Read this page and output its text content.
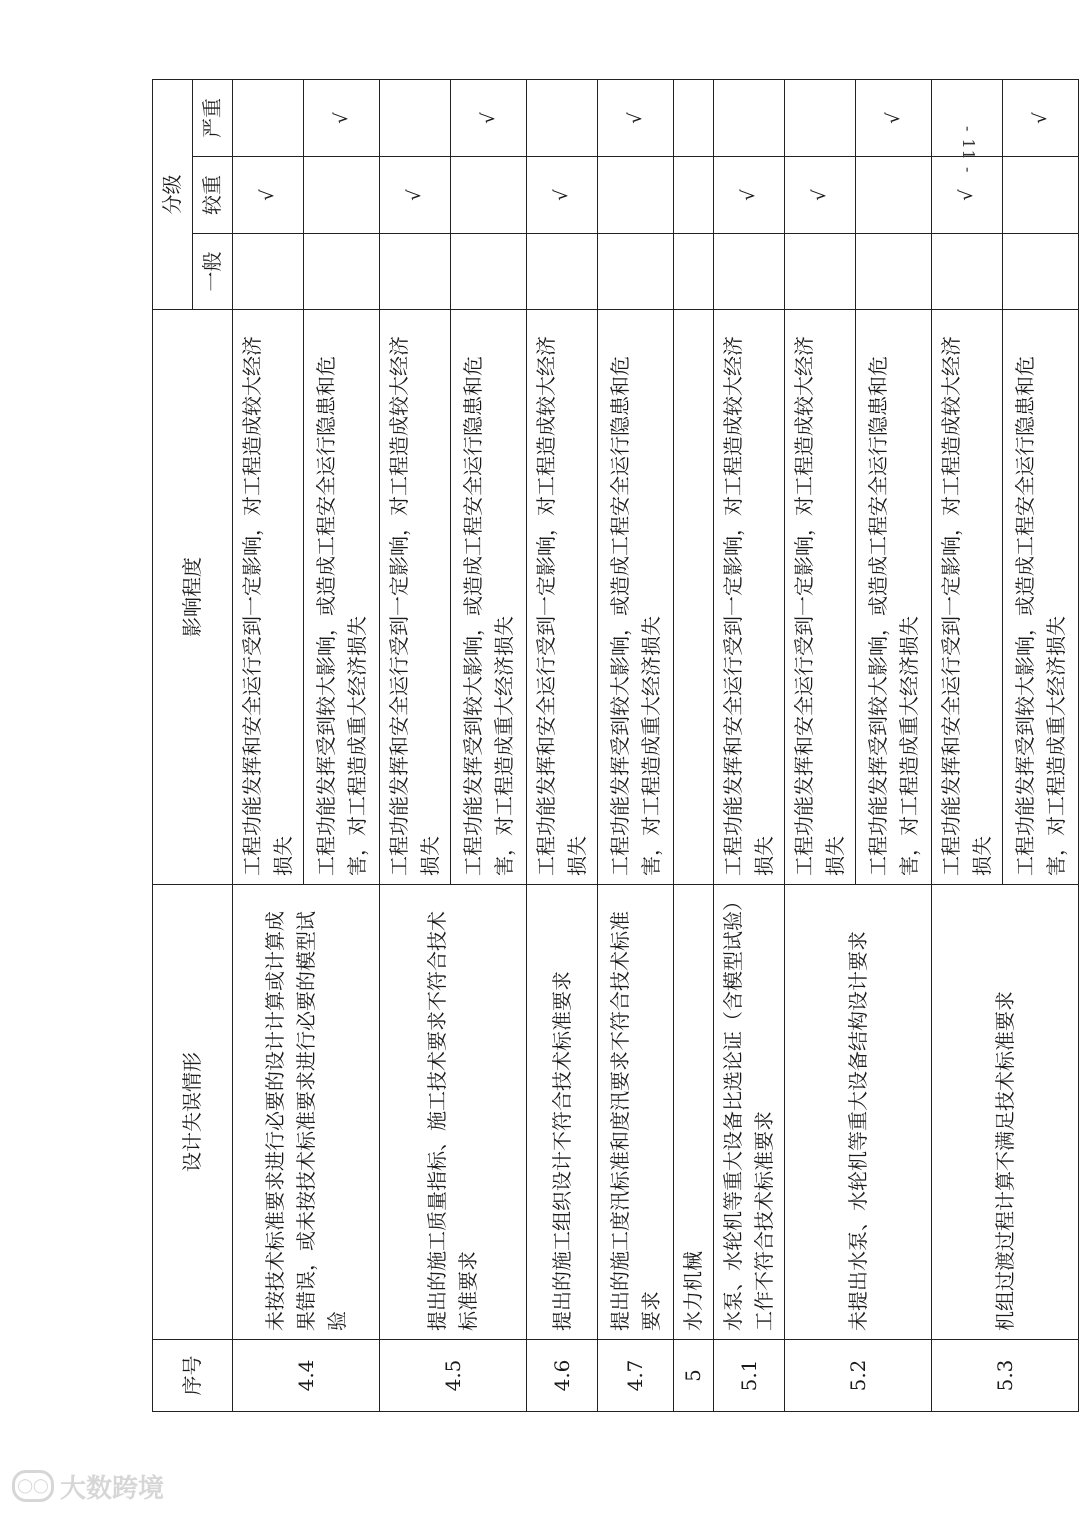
序号	设计失误情形	影响程度	分级		
			一般	较重	严重
4.4	未按技术标准要求进行必要的设计计算或计算成果错误，或未按技术标准要求进行必要的模型试验	工程功能发挥和安全运行受到一定影响，对工程造成较大经济损失		√	
		工程功能发挥受到较大影响，或造成工程安全运行隐患和危害，对工程造成重大经济损失			√
4.5	提出的施工质量指标、施工技术要求不符合技术标准要求	工程功能发挥和安全运行受到一定影响，对工程造成较大经济损失		√	
		工程功能发挥受到较大影响，或造成工程安全运行隐患和危害，对工程造成重大经济损失			√
4.6	提出的施工组织设计不符合技术标准要求	工程功能发挥和安全运行受到一定影响，对工程造成较大经济损失		√	
4.7	提出的施工度汛标准和度汛要求不符合技术标准要求	工程功能发挥受到较大影响，或造成工程安全运行隐患和危害，对工程造成重大经济损失			√
5	水力机械				
5.1	水泵、水轮机等重大设备比选论证（含模型试验）工作不符合技术标准要求	工程功能发挥和安全运行受到一定影响，对工程造成较大经济损失		√	
5.2	未提出水泵、水轮机等重大设备结构设计要求	工程功能发挥和安全运行受到一定影响，对工程造成较大经济损失		√	
		工程功能发挥受到较大影响，或造成工程安全运行隐患和危害，对工程造成重大经济损失			√
5.3	机组过渡过程计算不满足技术标准要求	工程功能发挥和安全运行受到一定影响，对工程造成较大经济损失		√	
		工程功能发挥受到较大影响，或造成工程安全运行隐患和危害，对工程造成重大经济损失			√
- 11 -
◯◯ 大数跨境
